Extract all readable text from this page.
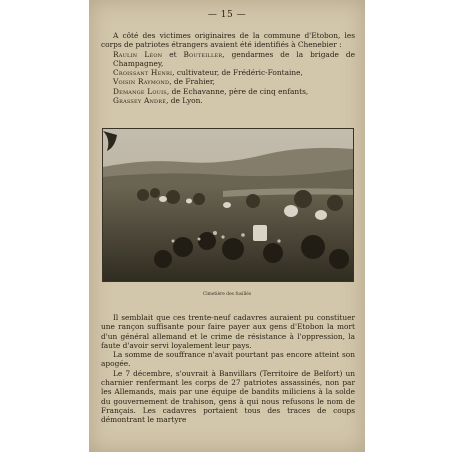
— 15 —

A côté des victimes originaires de la commune d'Etobon, les corps de patriotes étrangers avaient été identifiés à Chenebier :

Raulin Léon et Bouteiller, gendarmes de la brigade de Champagney,

Croissant Henri, cultivateur, de Frédéric-Fontaine,

Voisin Raymond, de Frahier,

Demange Louis, de Echavanne, père de cinq enfants,

Grassey André, de Lyon.

Cimetière des fusillés

Il semblait que ces trente-neuf cadavres auraient pu constituer une rançon suffisante pour faire payer aux gens d'Etobon la mort d'un général allemand et le crime de résistance à l'oppression, la faute d'avoir servi loyalement leur pays.

La somme de souffrance n'avait pourtant pas encore atteint son apogée.

Le 7 décembre, s'ouvrait à Banvillars (Territoire de Belfort) un charnier renfermant les corps de 27 patriotes assassinés, non par les Allemands, mais par une équipe de bandits miliciens à la solde du gouvernement de trahison, gens à qui nous refusons le nom de Français. Les cadavres portaient tous des traces de coups démontrant le martyre
